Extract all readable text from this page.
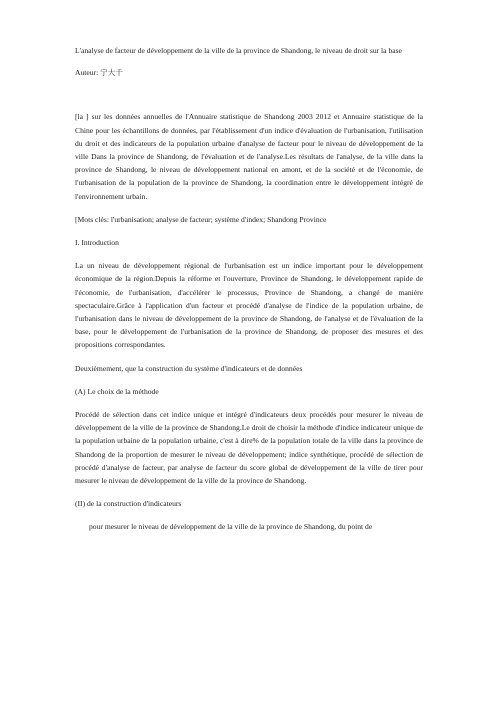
L'analyse de facteur de développement de la ville de la province de Shandong, le niveau de droit sur la base

Auteur: 宁大千

[la ] sur les données annuelles de l'Annuaire statistique de Shandong 2003 2012 et Annuaire statistique de la Chine pour les échantillons de données, par l'établissement d'un indice d'évaluation de l'urbanisation, l'utilisation du droit et des indicateurs de la population urbaine d'analyse de facteur pour le niveau de développement de la ville Dans la province de Shandong, de l'évaluation et de l'analyse.Les résultats de l'analyse, de la ville dans la province de Shandong, le niveau de développement national en amont, et de la société et de l'économie, de l'urbanisation de la population de la province de Shandong, la coordination entre le développement intégré de l'environnement urbain.

[Mots clés: l'urbanisation; analyse de facteur; système d'index; Shandong Province

I. Introduction

La un niveau de développement régional de l'urbanisation est un indice important pour le développement économique de la région.Depuis la réforme et l'ouverture, Province de Shandong, le développement rapide de l'économie, de l'urbanisation, d'accélérer le processus, Province de Shandong, a changé de manière spectaculaire.Grâce à l'application d'un facteur et procédé d'analyse de l'indice de la population urbaine, de l'urbanisation dans le niveau de développement de la province de Shandong, de l'analyse et de l'évaluation de la base, pour le développement de l'urbanisation de la province de Shandong, de proposer des mesures et des propositions correspondantes.

Deuxièmement, que la construction du système d'indicateurs et de données

(A) Le choix de la méthode

Procédé de sélection dans cet indice unique et intégré d'indicateurs deux procédés pour mesurer le niveau de développement de la ville de la province de Shandong.Le droit de choisir la méthode d'indice indicateur unique de la population urbaine de la population urbaine, c'est à dire% de la population totale de la ville dans la province de Shandong de la proportion de mesurer le niveau de développement; indice synthétique, procédé de sélection de procédé d'analyse de facteur, par analyse de facteur du score global de développement de la ville de tirer pour mesurer le niveau de développement de la ville de la province de Shandong.

(II) de la construction d'indicateurs

pour mesurer le niveau de développement de la ville de la province de Shandong, du point de
